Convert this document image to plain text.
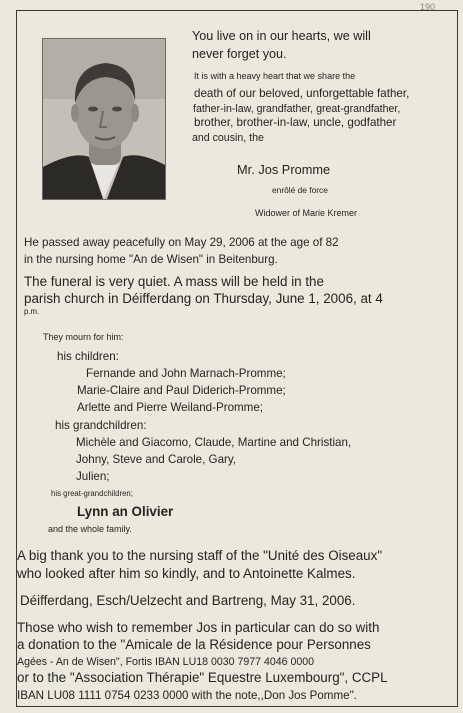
190
You live on in our hearts, we will
never forget you.
It is with a heavy heart that we share the
death of our beloved, unforgettable father,
father-in-law, grandfather, great-grandfather,
brother, brother-in-law, uncle, godfather
and cousin, the
Mr. Jos Promme
enrôlé de force
Widower of Marie Kremer
He passed away peacefully on May 29, 2006 at the age of 82
in the nursing home "An de Wisen" in Beitenburg.
The funeral is very quiet. A mass will be held in the
parish church in Déifferdang on Thursday, June 1, 2006, at 4
p.m.
They mourn for him:
his children:
Fernande and John Marnach-Promme;
Marie-Claire and Paul Diderich-Promme;
Arlette and Pierre Weiland-Promme;
his grandchildren:
Michèle and Giacomo, Claude, Martine and Christian,
Johny, Steve and Carole, Gary,
Julien;
his great-grandchildren;
Lynn an Olivier
and the whole family.
A big thank you to the nursing staff of the "Unité des Oiseaux"
who looked after him so kindly, and to Antoinette Kalmes.
Déifferdang, Esch/Uelzecht and Bartreng, May 31, 2006.
Those who wish to remember Jos in particular can do so with
a donation to the "Amicale de la Résidence pour Personnes
Agées - An de Wisen", Fortis IBAN LU18 0030 7977 4046 0000
or to the "Association Thérapie" Equestre Luxembourg", CCPL
IBAN LU08 1111 0754 0233 0000 with the note,,Don Jos Pomme".
